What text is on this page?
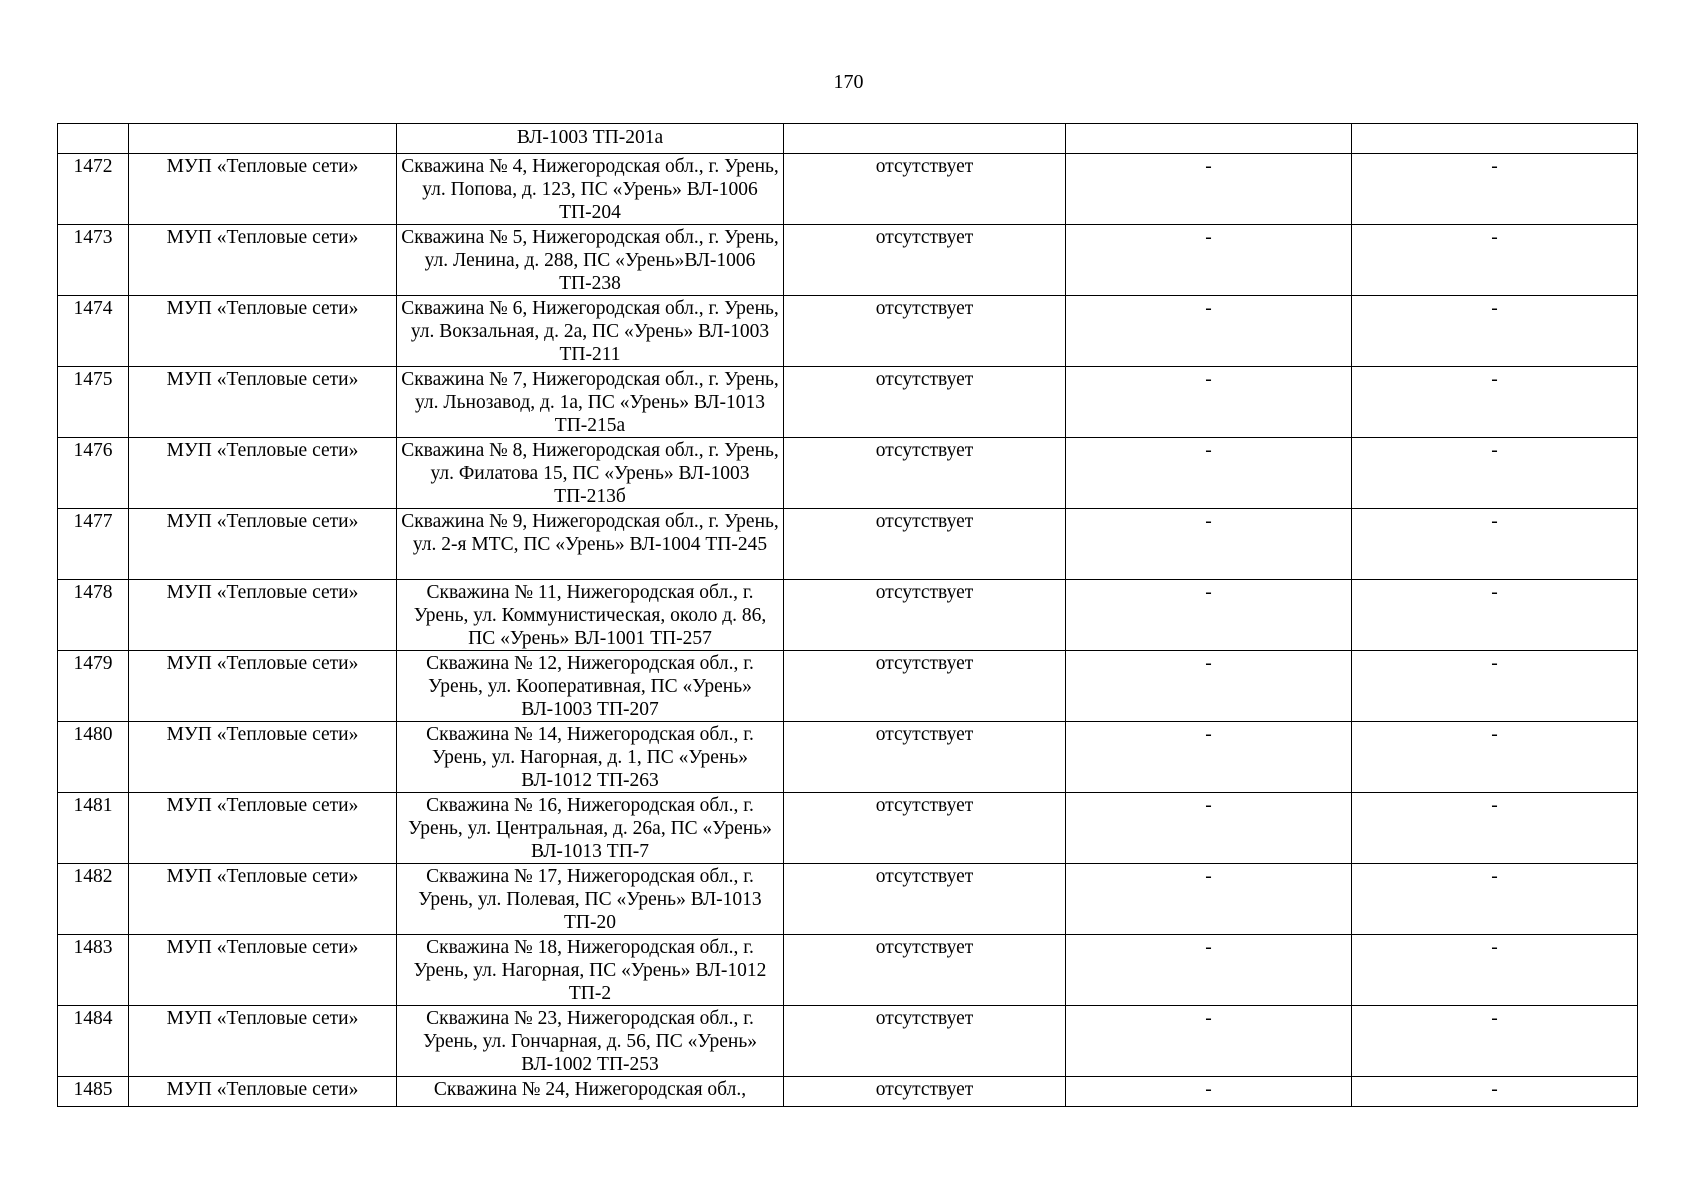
170
		ВЛ-1003 ТП-201а			
1472	МУП «Тепловые сети»	Скважина № 4, Нижегородская обл., г. Урень, ул. Попова, д. 123, ПС «Урень» ВЛ-1006 ТП-204	отсутствует	-	-
1473	МУП «Тепловые сети»	Скважина № 5, Нижегородская обл., г. Урень, ул. Ленина, д. 288, ПС «Урень»ВЛ-1006 ТП-238	отсутствует	-	-
1474	МУП «Тепловые сети»	Скважина № 6, Нижегородская обл., г. Урень, ул. Вокзальная, д. 2а, ПС «Урень» ВЛ-1003 ТП-211	отсутствует	-	-
1475	МУП «Тепловые сети»	Скважина № 7, Нижегородская обл., г. Урень, ул. Льнозавод, д. 1а, ПС «Урень» ВЛ-1013 ТП-215а	отсутствует	-	-
1476	МУП «Тепловые сети»	Скважина № 8, Нижегородская обл., г. Урень, ул. Филатова 15, ПС «Урень» ВЛ-1003 ТП-213б	отсутствует	-	-
1477	МУП «Тепловые сети»	Скважина № 9, Нижегородская обл., г. Урень, ул. 2-я МТС, ПС «Урень» ВЛ-1004 ТП-245	отсутствует	-	-
1478	МУП «Тепловые сети»	Скважина № 11, Нижегородская обл., г. Урень, ул. Коммунистическая, около д. 86, ПС «Урень» ВЛ-1001 ТП-257	отсутствует	-	-
1479	МУП «Тепловые сети»	Скважина № 12, Нижегородская обл., г. Урень, ул. Кооперативная, ПС «Урень» ВЛ-1003 ТП-207	отсутствует	-	-
1480	МУП «Тепловые сети»	Скважина № 14, Нижегородская обл., г. Урень, ул. Нагорная, д. 1, ПС «Урень» ВЛ-1012 ТП-263	отсутствует	-	-
1481	МУП «Тепловые сети»	Скважина № 16, Нижегородская обл., г. Урень, ул. Центральная, д. 26а, ПС «Урень» ВЛ-1013 ТП-7	отсутствует	-	-
1482	МУП «Тепловые сети»	Скважина № 17, Нижегородская обл., г. Урень, ул. Полевая, ПС «Урень» ВЛ-1013 ТП-20	отсутствует	-	-
1483	МУП «Тепловые сети»	Скважина № 18, Нижегородская обл., г. Урень, ул. Нагорная, ПС «Урень» ВЛ-1012 ТП-2	отсутствует	-	-
1484	МУП «Тепловые сети»	Скважина № 23, Нижегородская обл., г. Урень, ул. Гончарная, д. 56, ПС «Урень» ВЛ-1002 ТП-253	отсутствует	-	-
1485	МУП «Тепловые сети»	Скважина № 24, Нижегородская обл.,	отсутствует	-	-
